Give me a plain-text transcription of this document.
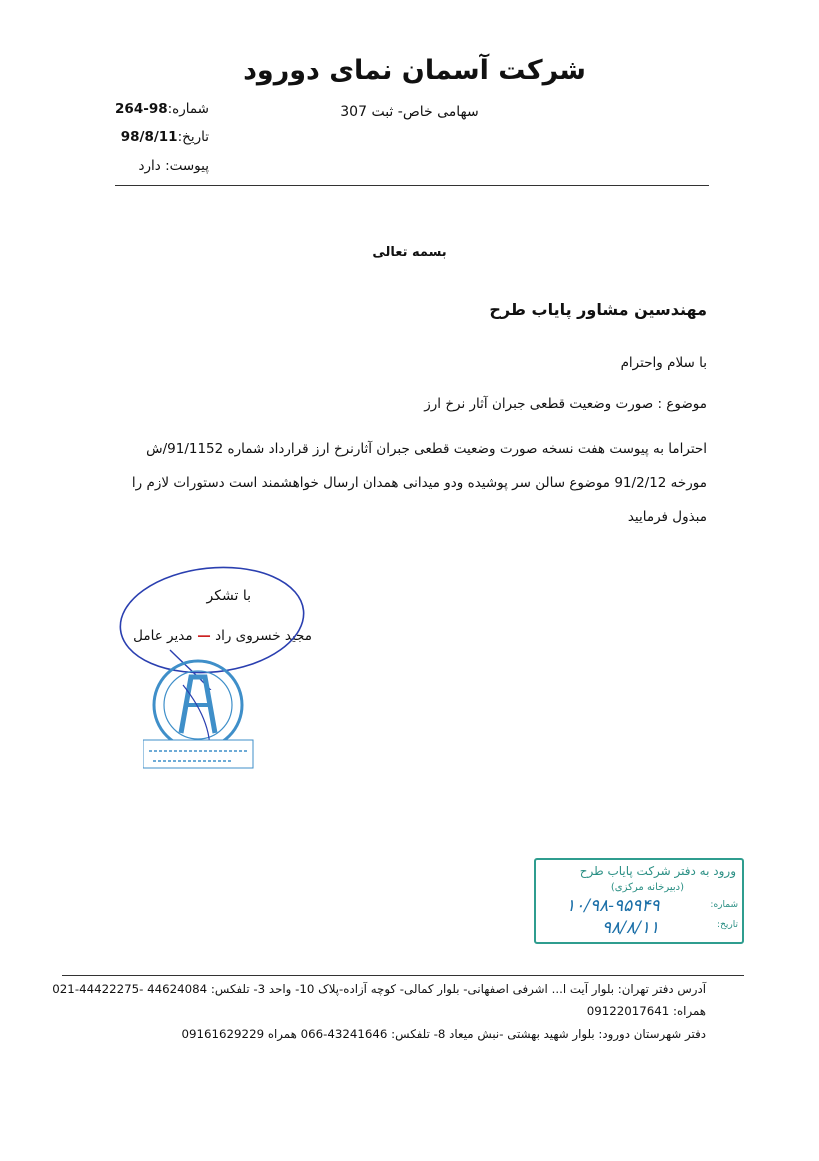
شرکت آسمان نمای دورود
سهامی خاص- ثبت 307
شماره:98-264
تاریخ:98/8/11
پیوست: دارد
بسمه تعالی
مهندسین مشاور پایاب طرح
با سلام واحترام
موضوع : صورت وضعیت قطعی جبران آثار نرخ ارز
احتراما به پیوست هفت نسخه صورت وضعیت قطعی جبران آثارنرخ ارز قرارداد شماره 91/1152/ش
مورخه 91/2/12 موضوع سالن سر پوشیده ودو میدانی همدان ارسال خواهشمند است دستورات لازم را
مبذول فرمایید
با تشکر
مجید خسروی راد — مدیر عامل
ورود به دفتر شرکت پایاب طرح
(دبیرخانه مرکزی)
شماره:
۱۰/۹۸-۹۵۹۴۹
تاریخ:
۹۸/۸/۱۱
آدرس دفتر تهران: بلوار آیت ا... اشرفی اصفهانی- بلوار کمالی- کوچه آزاده-پلاک 10- واحد 3- تلفکس: 44624084 -44422275-021
همراه: 09122017641
دفتر شهرستان دورود: بلوار شهید بهشتی -نبش میعاد 8- تلفکس: 43241646-066 همراه 09161629229
